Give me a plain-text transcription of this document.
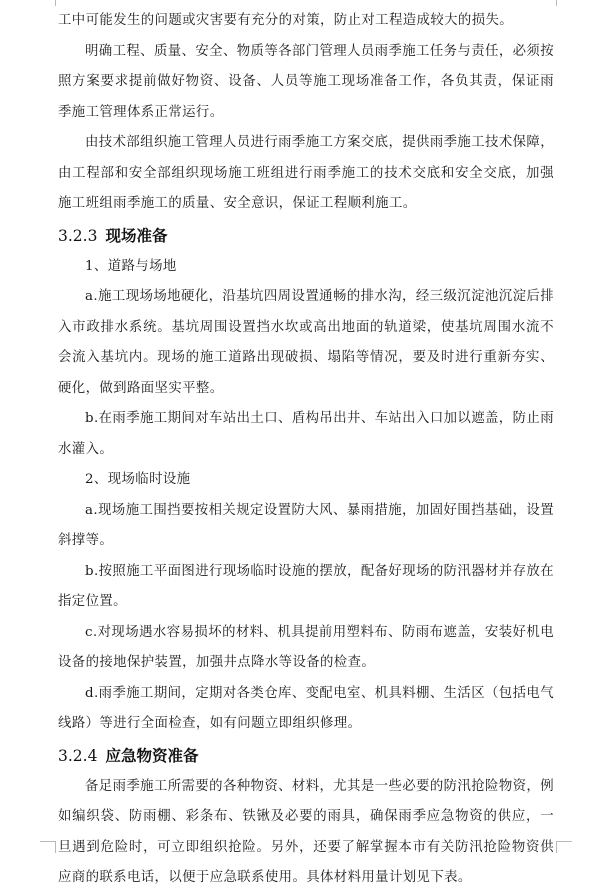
工中可能发生的问题或灾害要有充分的对策，防止对工程造成较大的损失。

明确工程、质量、安全、物质等各部门管理人员雨季施工任务与责任，必须按照方案要求提前做好物资、设备、人员等施工现场准备工作，各负其责，保证雨季施工管理体系正常运行。

由技术部组织施工管理人员进行雨季施工方案交底，提供雨季施工技术保障，由工程部和安全部组织现场施工班组进行雨季施工的技术交底和安全交底，加强施工班组雨季施工的质量、安全意识，保证工程顺利施工。

3.2.3 现场准备

1、道路与场地

a.施工现场场地硬化，沿基坑四周设置通畅的排水沟，经三级沉淀池沉淀后排入市政排水系统。基坑周围设置挡水坎或高出地面的轨道梁，使基坑周围水流不会流入基坑内。现场的施工道路出现破损、塌陷等情况，要及时进行重新夯实、硬化，做到路面坚实平整。

b.在雨季施工期间对车站出土口、盾构吊出井、车站出入口加以遮盖，防止雨水灌入。

2、现场临时设施

a.现场施工围挡要按相关规定设置防大风、暴雨措施，加固好围挡基础，设置斜撑等。

b.按照施工平面图进行现场临时设施的摆放，配备好现场的防汛器材并存放在指定位置。

c.对现场遇水容易损坏的材料、机具提前用塑料布、防雨布遮盖，安装好机电设备的接地保护装置，加强井点降水等设备的检查。

d.雨季施工期间，定期对各类仓库、变配电室、机具料棚、生活区（包括电气线路）等进行全面检查，如有问题立即组织修理。

3.2.4 应急物资准备

备足雨季施工所需要的各种物资、材料，尤其是一些必要的防汛抢险物资，例如编织袋、防雨棚、彩条布、铁锹及必要的雨具，确保雨季应急物资的供应，一旦遇到危险时，可立即组织抢险。另外，还要了解掌握本市有关防汛抢险物资供应商的联系电话，以便于应急联系使用。具体材料用量计划见下表。
